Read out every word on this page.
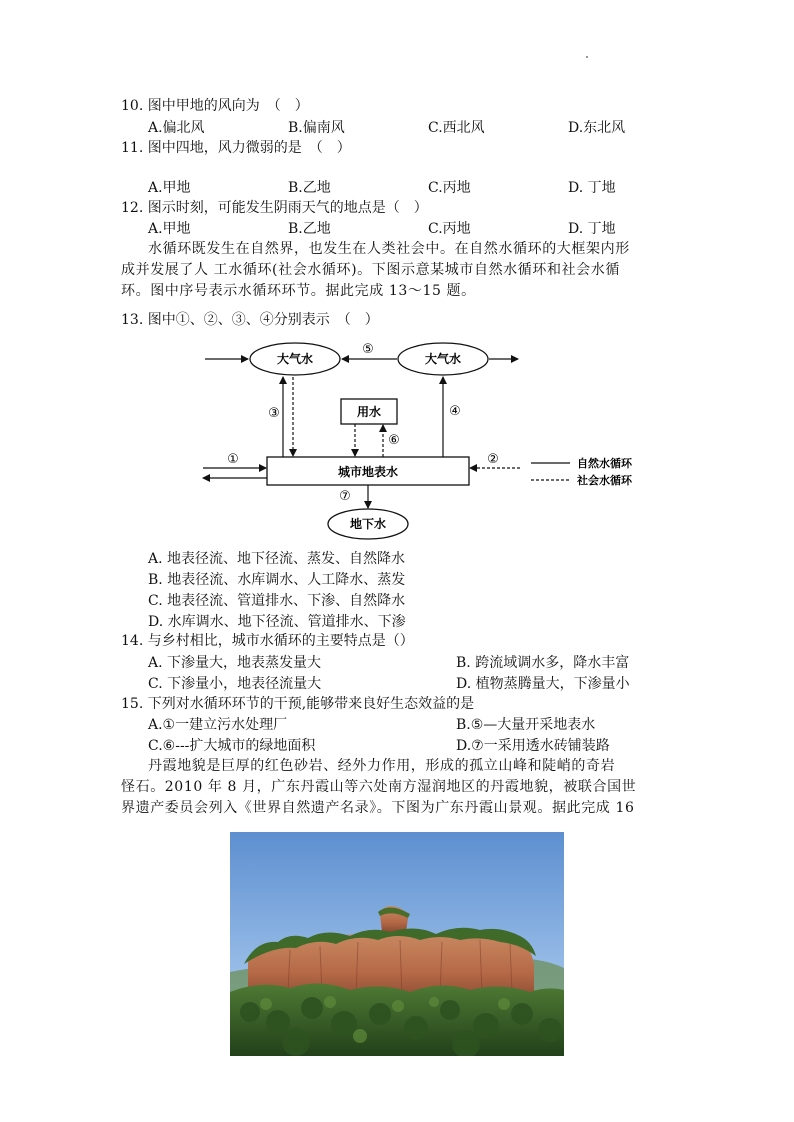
10. 图中甲地的风向为　（　）
A.偏北风	B.偏南风	C.西北风	D.东北风
11. 图中四地，风力微弱的是　（　）
A.甲地	B.乙地	C.丙地	D. 丁地
12. 图示时刻，可能发生阴雨天气的地点是（　）
A.甲地	B.乙地	C.丙地	D. 丁地
水循环既发生在自然界，也发生在人类社会中。在自然水循环的大框架内形
成并发展了人 工水循环(社会水循环)。下图示意某城市自然水循环和社会水循
环。图中序号表示水循环环节。据此完成 13～15 题。
13. 图中①、②、③、④分别表示　（　）
大气水	大气水
⑤
用水
城市地表水
地下水
③	④
⑥
①	②
⑦
自然水循环
社会水循环
A. 地表径流、地下径流、蒸发、自然降水
B. 地表径流、水库调水、人工降水、蒸发
C. 地表径流、管道排水、下渗、自然降水
D. 水库调水、地下径流、管道排水、下渗
14. 与乡村相比，城市水循环的主要特点是（）
A. 下渗量大，地表蒸发量大	B. 跨流域调水多，降水丰富
C. 下渗量小，地表径流量大	D. 植物蒸腾量大，下渗量小
15. 下列对水循环环节的干预,能够带来良好生态效益的是
A.①一建立污水处理厂	B.⑤—大量开采地表水
C.⑥---扩大城市的绿地面积	D.⑦一采用透水砖铺装路
丹霞地貌是巨厚的红色砂岩、经外力作用，形成的孤立山峰和陡峭的奇岩
怪石。2010 年 8 月，广东丹霞山等六处南方湿润地区的丹霞地貌，被联合国世
界遗产委员会列入《世界自然遗产名录》。下图为广东丹霞山景观。据此完成 16
